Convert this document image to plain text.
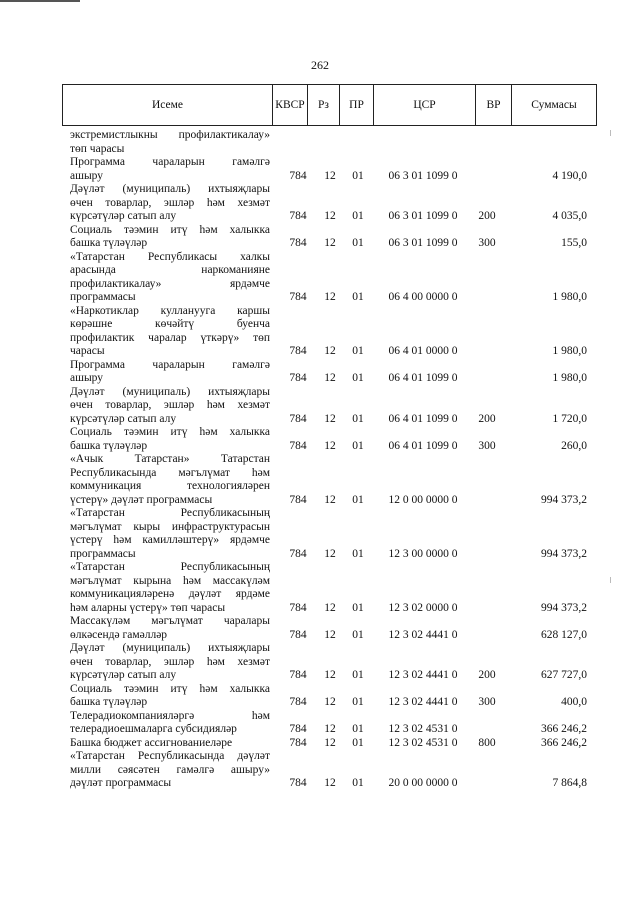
262
Исеме	КВСР	Рз	ПР	ЦСР	ВР	Суммасы
экстремистлыкны профилактикалау»
төп чарасы
Программа чараларын гамәлгә
ашыру	784	12	01	06 3 01 1099 0	4 190,0
Дәүләт (муниципаль) ихтыяҗлары
өчен товарлар, эшләр һәм хезмәт
күрсәтүләр сатып алу	784	12	01	06 3 01 1099 0	200	4 035,0
Социаль тәэмин итү һәм халыкка
башка түләүләр	784	12	01	06 3 01 1099 0	300	155,0
«Татарстан Республикасы халкы
арасында наркоманияне
профилактикалау» ярдәмче
программасы	784	12	01	06 4 00 0000 0	1 980,0
«Наркотиклар кулланууга каршы
көрәшне көчәйтү буенча
профилактик чаралар үткәрү» төп
чарасы	784	12	01	06 4 01 0000 0	1 980,0
Программа чараларын гамәлгә
ашыру	784	12	01	06 4 01 1099 0	1 980,0
Дәүләт (муниципаль) ихтыяҗлары
өчен товарлар, эшләр һәм хезмәт
күрсәтүләр сатып алу	784	12	01	06 4 01 1099 0	200	1 720,0
Социаль тәэмин итү һәм халыкка
башка түләүләр	784	12	01	06 4 01 1099 0	300	260,0
«Ачык Татарстан» Татарстан
Республикасында мәгълүмат һәм
коммуникация технологияләрен
үстерү» дәүләт программасы	784	12	01	12 0 00 0000 0	994 373,2
«Татарстан Республикасының
мәгълүмат кыры инфраструктурасын
үстерү һәм камилләштерү» ярдәмче
программасы	784	12	01	12 3 00 0000 0	994 373,2
«Татарстан Республикасының
мәгълүмат кырына һәм массакүләм
коммуникацияләренә дәүләт ярдәме
һәм аларны үстерү» төп чарасы	784	12	01	12 3 02 0000 0	994 373,2
Массакүләм мәгълүмат чаралары
өлкәсендә гамәлләр	784	12	01	12 3 02 4441 0	628 127,0
Дәүләт (муниципаль) ихтыяҗлары
өчен товарлар, эшләр һәм хезмәт
күрсәтүләр сатып алу	784	12	01	12 3 02 4441 0	200	627 727,0
Социаль тәэмин итү һәм халыкка
башка түләүләр	784	12	01	12 3 02 4441 0	300	400,0
Телерадиокомпанияләргә һәм
телерадиоешмаларга субсидияләр	784	12	01	12 3 02 4531 0	366 246,2
Башка бюджет ассигнованиеләре	784	12	01	12 3 02 4531 0	800	366 246,2
«Татарстан Республикасында дәүләт
милли сәясәтен гамәлгә ашыру»
дәүләт программасы	784	12	01	20 0 00 0000 0	7 864,8
